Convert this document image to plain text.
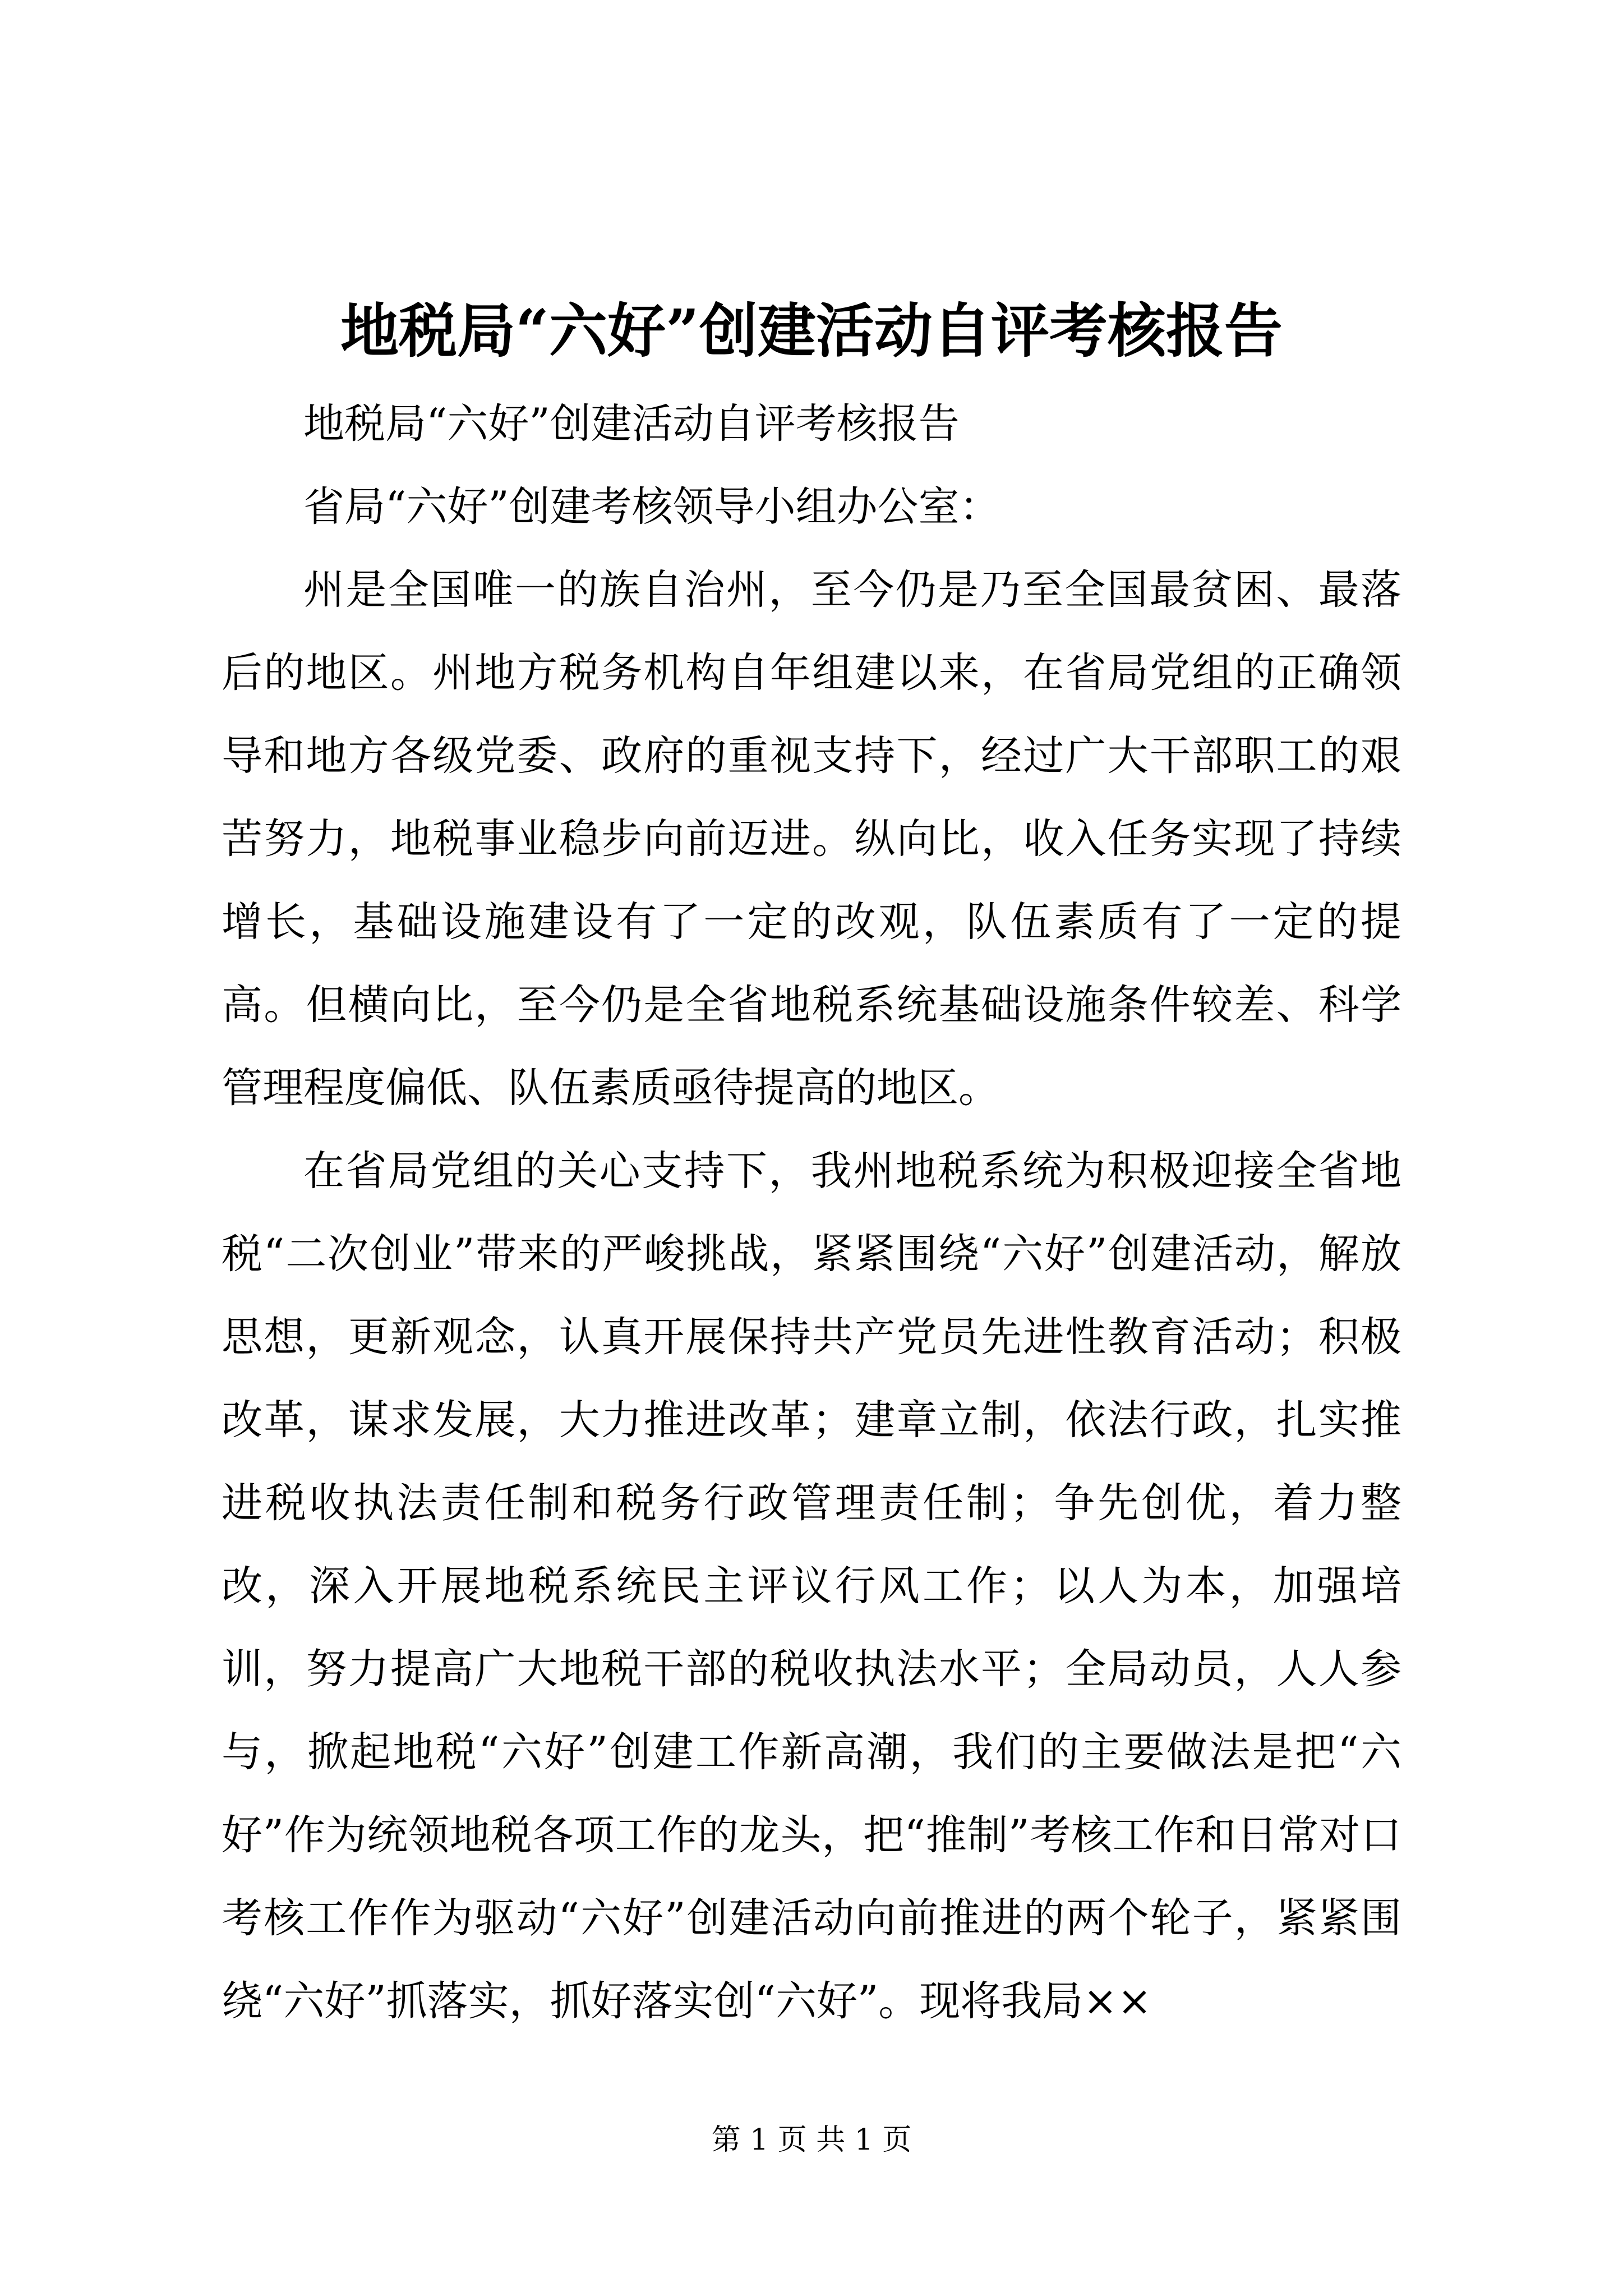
地税局“六好”创建活动自评考核报告

地税局“六好”创建活动自评考核报告

省局“六好”创建考核领导小组办公室：

州是全国唯一的族自治州，至今仍是乃至全国最贫困、最落后的地区。州地方税务机构自年组建以来，在省局党组的正确领导和地方各级党委、政府的重视支持下，经过广大干部职工的艰苦努力，地税事业稳步向前迈进。纵向比，收入任务实现了持续增长，基础设施建设有了一定的改观，队伍素质有了一定的提高。但横向比，至今仍是全省地税系统基础设施条件较差、科学管理程度偏低、队伍素质亟待提高的地区。

在省局党组的关心支持下，我州地税系统为积极迎接全省地税“二次创业”带来的严峻挑战，紧紧围绕“六好”创建活动，解放思想，更新观念，认真开展保持共产党员先进性教育活动；积极改革，谋求发展，大力推进改革；建章立制，依法行政，扎实推进税收执法责任制和税务行政管理责任制；争先创优，着力整改，深入开展地税系统民主评议行风工作；以人为本，加强培训，努力提高广大地税干部的税收执法水平；全局动员，人人参与，掀起地税“六好”创建工作新高潮，我们的主要做法是把“六好”作为统领地税各项工作的龙头，把“推制”考核工作和日常对口考核工作作为驱动“六好”创建活动向前推进的两个轮子，紧紧围绕“六好”抓落实，抓好落实创“六好”。现将我局××

第 1 页 共 1 页
